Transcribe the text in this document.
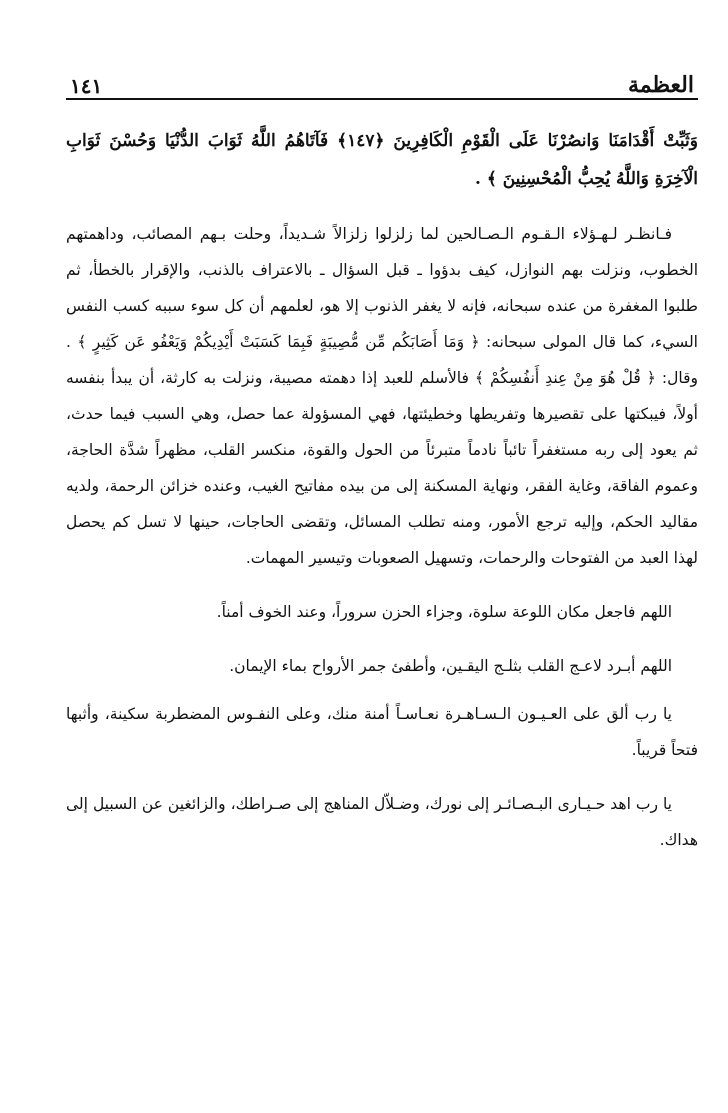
العظمة
١٤١

وَثَبِّتْ أَقْدَامَنَا وَانصُرْنَا عَلَى الْقَوْمِ الْكَافِرِينَ ﴿١٤٧﴾ فَآتَاهُمُ اللَّهُ ثَوَابَ الدُّنْيَا وَحُسْنَ ثَوَابِ الْآخِرَةِ وَاللَّهُ يُحِبُّ الْمُحْسِنِينَ ﴾ .

فـانظـر لـهـؤلاء الـقـوم الـصـالحين لما زلزلوا زلزالاً شـديداً، وحلت بـهم المصائب، وداهمتهم الخطوب، ونزلت بهم النوازل، كيف بدؤوا ـ قبل السؤال ـ بالاعتراف بالذنب، والإقرار بالخطأ، ثم طلبوا المغفرة من عنده سبحانه، فإنه لا يغفر الذنوب إلا هو، لعلمهم أن كل سوء سببه كسب النفس السيء، كما قال المولى سبحانه: ﴿ وَمَا أَصَابَكُم مِّن مُّصِيبَةٍ فَبِمَا كَسَبَتْ أَيْدِيكُمْ وَيَعْفُو عَن كَثِيرٍ ﴾ . وقال: ﴿ قُلْ هُوَ مِنْ عِندِ أَنفُسِكُمْ ﴾ فالأسلم للعبد إذا دهمته مصيبة، ونزلت به كارثة، أن يبدأ بنفسه أولاً، فيبكتها على تقصيرها وتفريطها وخطيئتها، فهي المسؤولة عما حصل، وهي السبب فيما حدث، ثم يعود إلى ربه مستغفراً تائباً نادماً متبرئاً من الحول والقوة، منكسر القلب، مظهراً شدَّة الحاجة، وعموم الفاقة، وغاية الفقر، ونهاية المسكنة إلى من بيده مفاتيح الغيب، وعنده خزائن الرحمة، ولديه مقاليد الحكم، وإليه ترجع الأمور، ومنه تطلب المسائل، وتقضى الحاجات، حينها لا تسل كم يحصل لهذا العبد من الفتوحات والرحمات، وتسهيل الصعوبات وتيسير المهمات.

اللهم فاجعل مكان اللوعة سلوة، وجزاء الحزن سروراً، وعند الخوف أمناً.

اللهم أبـرد لاعـج القلب بثلـج اليقـين، وأطفئ جمر الأرواح بماء الإيمان.

يا رب ألق على العـيـون الـسـاهـرة نعـاسـاً أمنة منك، وعلى النفـوس المضطربة سكينة، وأثبها فتحاً قريباً.

يا رب اهد حـيـارى البـصـائـر إلى نورك، وضـلاّل المناهج إلى صـراطك، والزائغين عن السبيل إلى هداك.
